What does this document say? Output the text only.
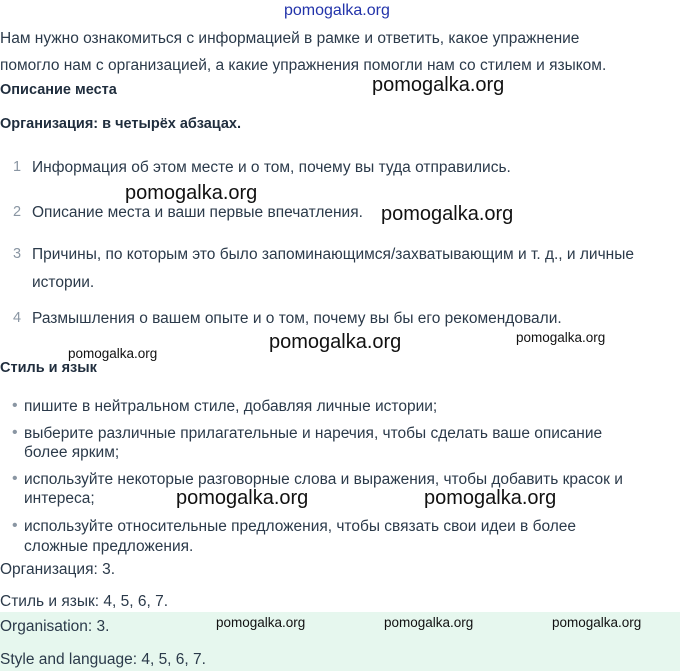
pomogalka.org
Нам нужно ознакомиться с информацией в рамке и ответить, какое упражнение
помогло нам с организацией, а какие упражнения помогли нам со стилем и языком.
Описание места	pomogalka.org
Организация: в четырёх абзацах.
1 Информация об этом месте и о том, почему вы туда отправились.
2 Описание места и ваши первые впечатления.
3 Причины, по которым это было запоминающимся/захватывающим и т. д., и личные
истории.
4 Размышления о вашем опыте и о том, почему вы бы его рекомендовали.
pomogalka.org
pomogalka.org
pomogalka.org
pomogalka.org
pomogalka.org
Стиль и язык
• пишите в нейтральном стиле, добавляя личные истории;
• выберите различные прилагательные и наречия, чтобы сделать ваше описание
более ярким;
• используйте некоторые разговорные слова и выражения, чтобы добавить красок и
интереса;
• используйте относительные предложения, чтобы связать свои идеи в более
сложные предложения.
pomogalka.org	pomogalka.org
Организация: 3.
Стиль и язык: 4, 5, 6, 7.
Organisation: 3.
Style and language: 4, 5, 6, 7.
pomogalka.org	pomogalka.org	pomogalka.org
